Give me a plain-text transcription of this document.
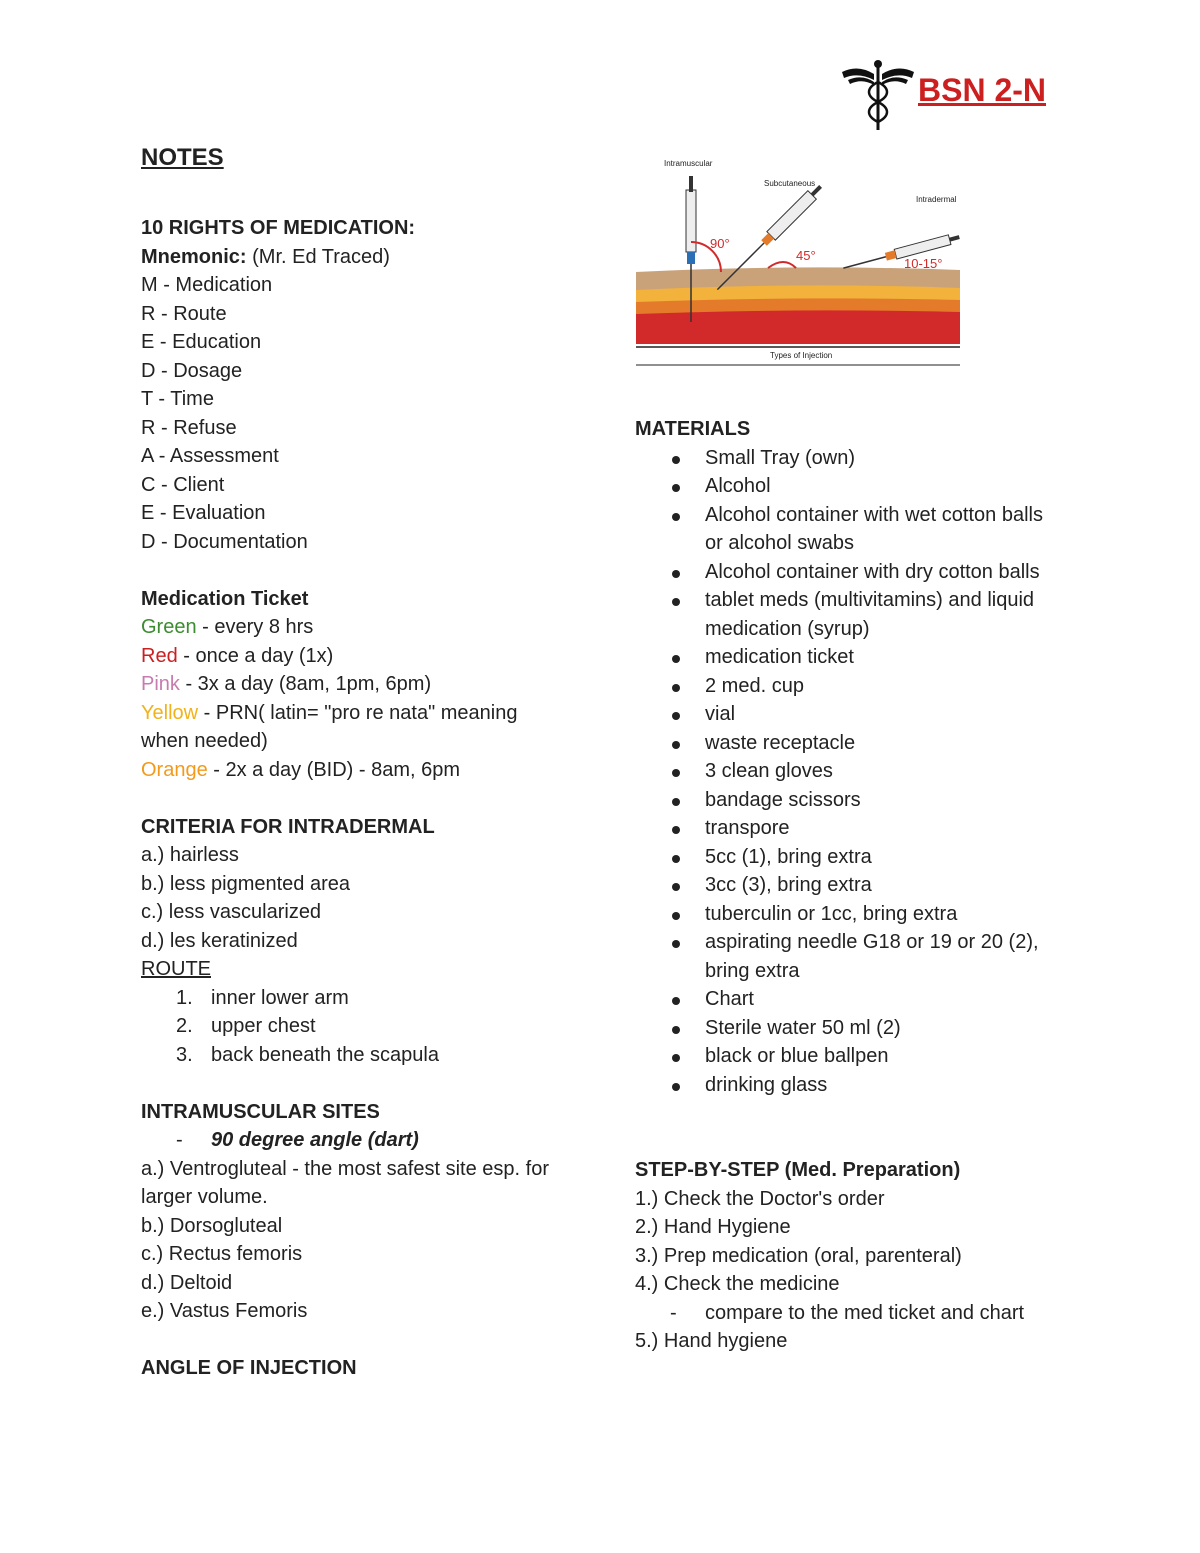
BSN 2-N
NOTES
10 RIGHTS OF MEDICATION:
Mnemonic: (Mr. Ed Traced)
M - Medication
R - Route
E - Education
D - Dosage
T - Time
R - Refuse
A - Assessment
C - Client
E - Evaluation
D - Documentation
Medication Ticket
Green - every 8 hrs
Red - once a day (1x)
Pink - 3x a day (8am, 1pm, 6pm)
Yellow - PRN( latin= "pro re nata" meaning when needed)
Orange - 2x a day (BID) - 8am, 6pm
CRITERIA FOR INTRADERMAL
a.) hairless
b.) less pigmented area
c.) less vascularized
d.) les keratinized
ROUTE
1. inner lower arm
2. upper chest
3. back beneath the scapula
INTRAMUSCULAR SITES
- 90 degree angle (dart)
a.) Ventrogluteal - the most safest site esp. for larger volume.
b.) Dorsogluteal
c.) Rectus femoris
d.) Deltoid
e.) Vastus Femoris
ANGLE OF INJECTION
Intramuscular
Subcutaneous
Intradermal
90°
45°
10-15°
Types of Injection
MATERIALS
Small Tray (own)
Alcohol
Alcohol container with wet cotton balls or alcohol swabs
Alcohol container with dry cotton balls
tablet meds (multivitamins) and liquid medication (syrup)
medication ticket
2 med. cup
vial
waste receptacle
3 clean gloves
bandage scissors
transpore
5cc (1), bring extra
3cc (3), bring extra
tuberculin or 1cc, bring extra
aspirating needle G18 or 19 or 20 (2), bring extra
Chart
Sterile water 50 ml (2)
black or blue ballpen
drinking glass
STEP-BY-STEP (Med. Preparation)
1.) Check the Doctor's order
2.) Hand Hygiene
3.) Prep medication (oral, parenteral)
4.) Check the medicine
- compare to the med ticket and chart
5.) Hand hygiene
